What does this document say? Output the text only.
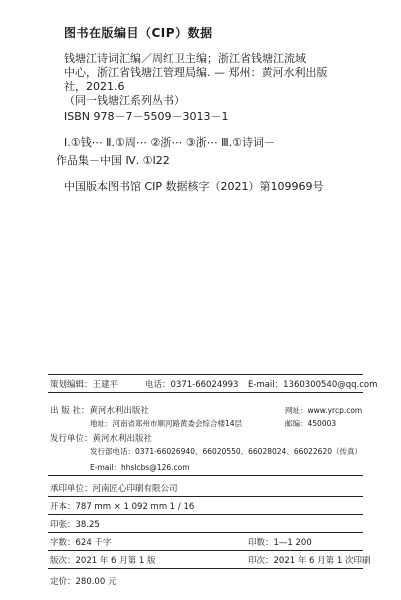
图书在版编目（CIP）数据
钱塘江诗词汇编／周红卫主编；浙江省钱塘江流域
中心，浙江省钱塘江管理局编. — 郑州：黄河水利出版
社，2021.6
（同一钱塘江系列丛书）
ISBN 978－7－5509－3013－1
Ⅰ.①钱⋯ Ⅱ.①周⋯ ②浙⋯ ③浙⋯ Ⅲ.①诗词－
作品集－中国 Ⅳ. ①I22
中国版本图书馆 CIP 数据核字（2021）第109969号
策划编辑：王建平	电话：0371-66024993 E-mail：1360300540@qq.com
出 版 社：黄河水利出版社	网址：www.yrcp.com
地址：河南省郑州市顺河路黄委会综合楼14层	邮编：450003
发行单位：黄河水利出版社
发行部电话：0371-66026940、66020550、66028024、66022620（传真）
E-mail：hhslcbs@126.com
承印单位：河南匠心印刷有限公司
开本：787 mm × 1 092 mm 1 / 16
印张：38.25
字数：624 千字	印数：1—1 200
版次：2021 年 6 月第 1 版	印次：2021 年 6 月第 1 次印刷
定价：280.00 元
